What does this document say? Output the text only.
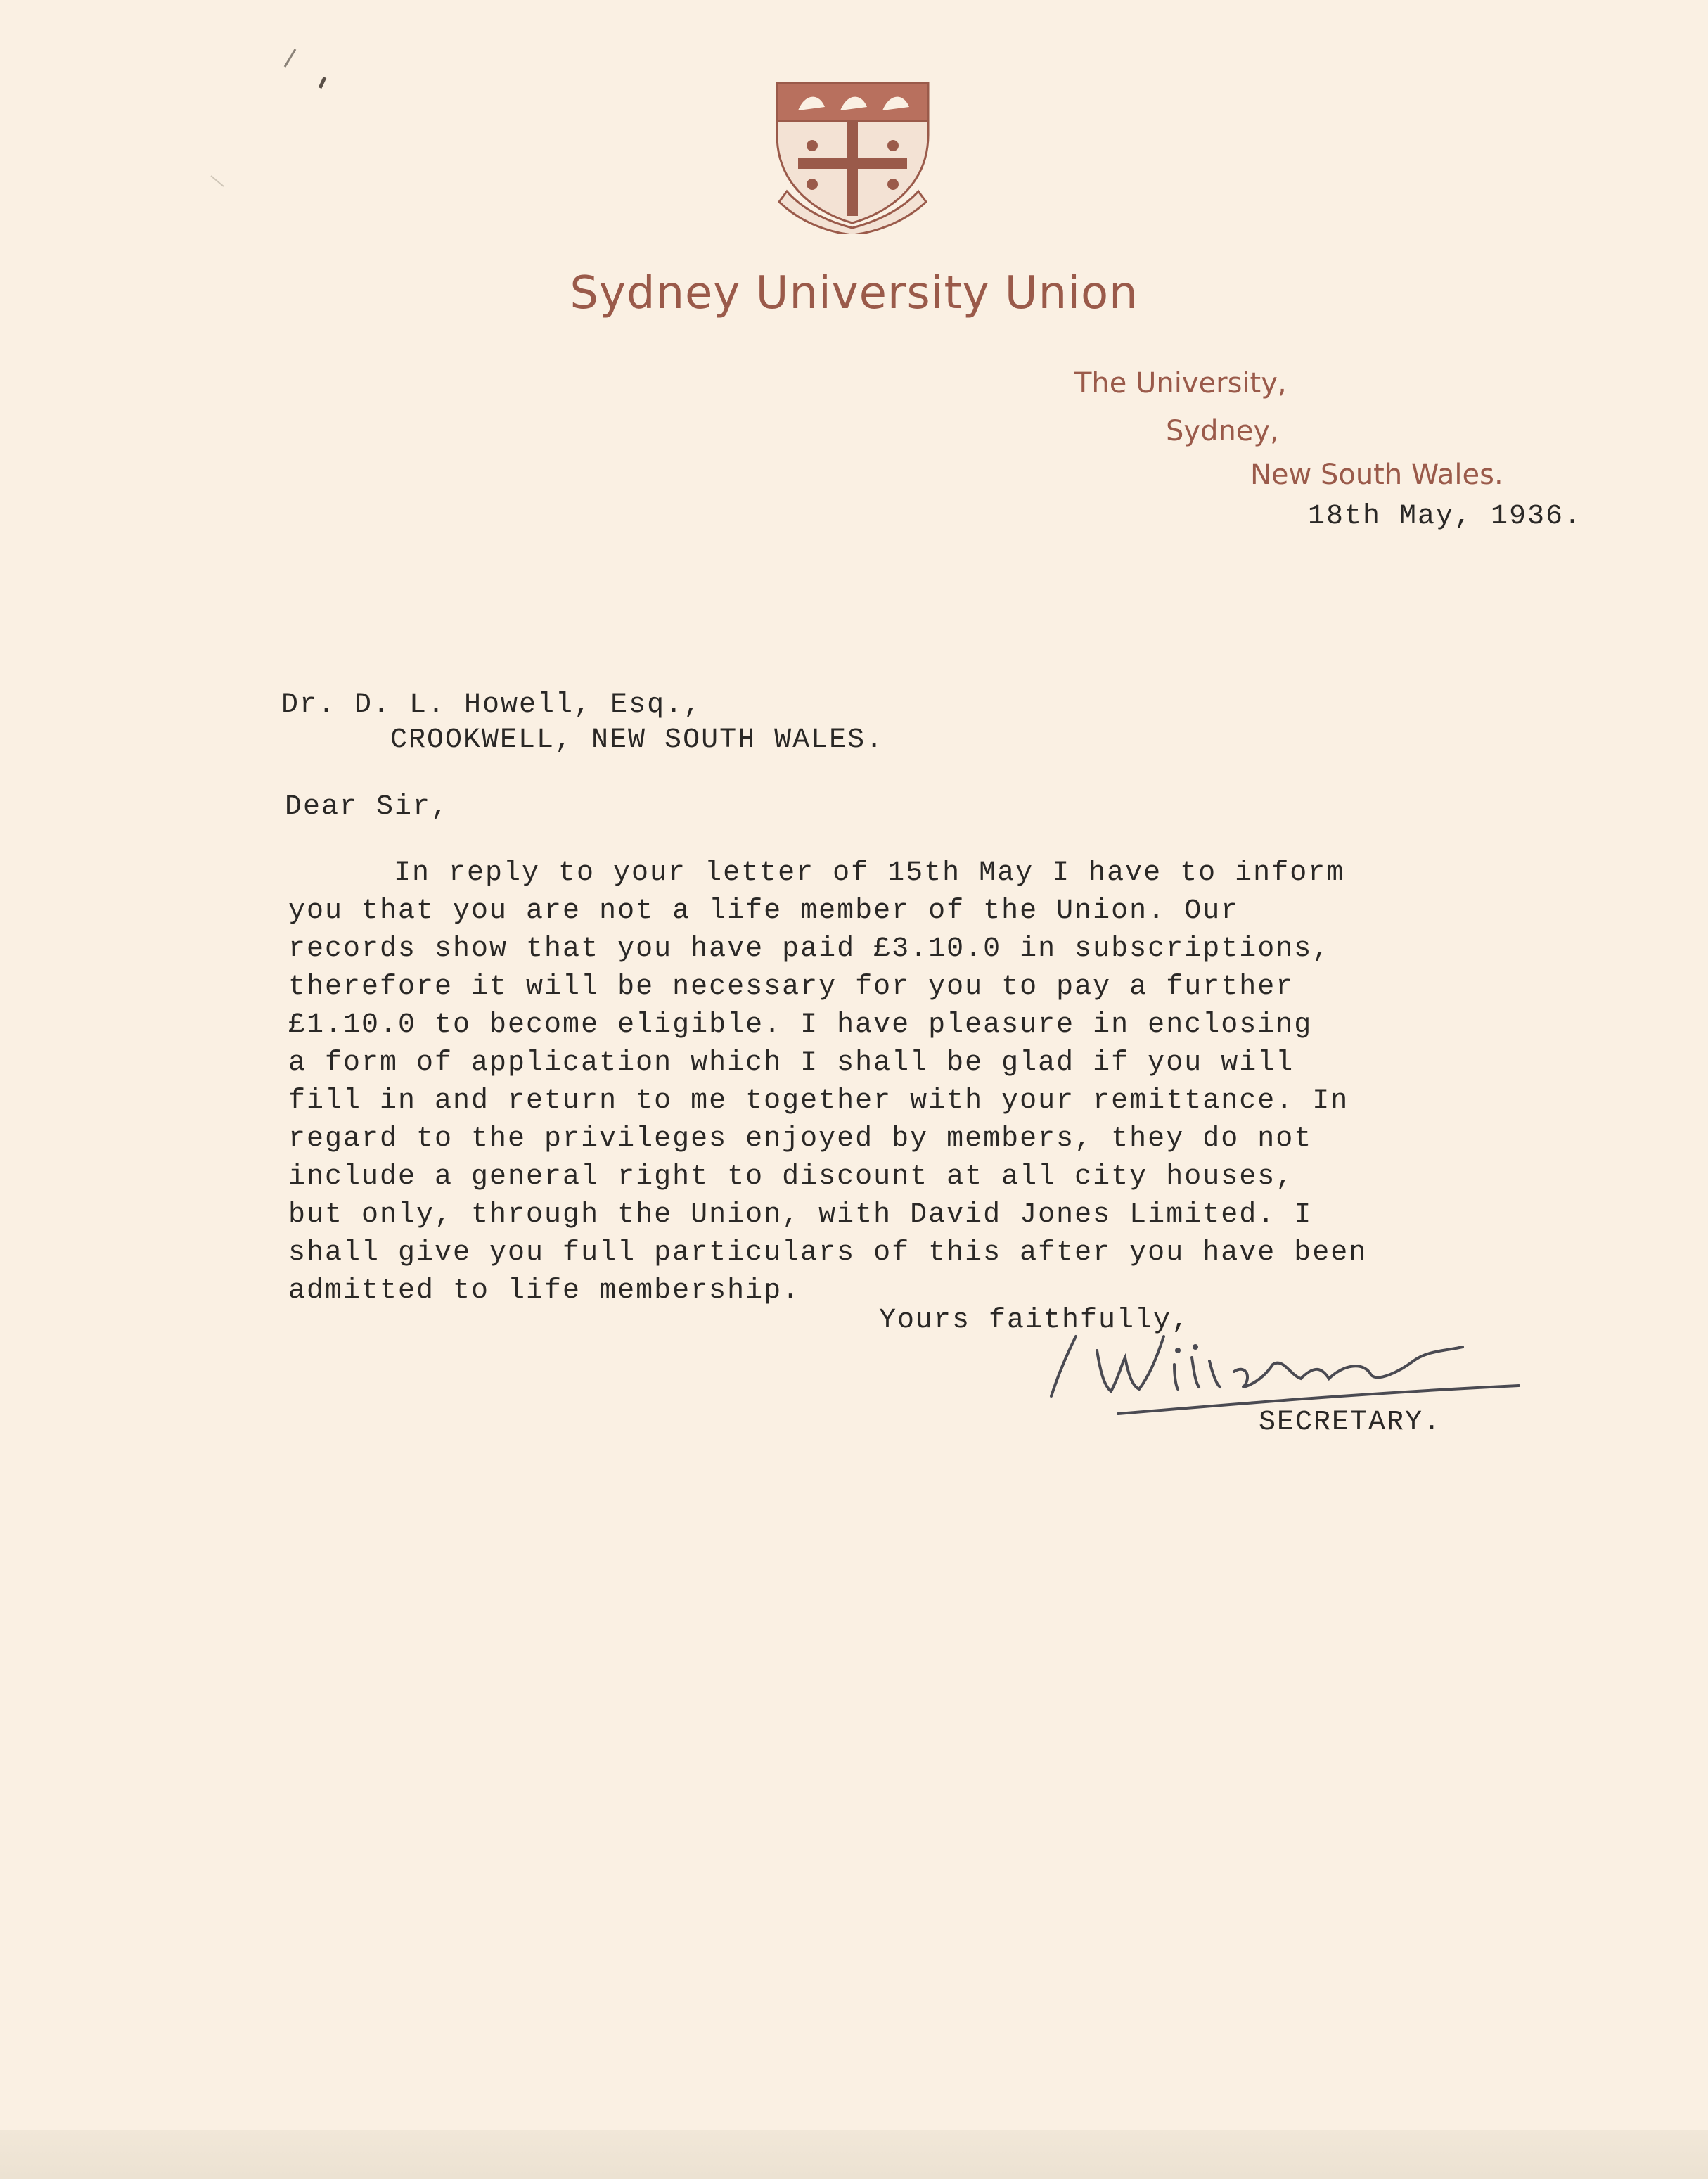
Sydney University Union
The University,
Sydney,
New South Wales.
18th May, 1936.
Dr. D. L. Howell, Esq.,
CROOKWELL, NEW SOUTH WALES.
Dear Sir,
In reply to your letter of 15th May I have to inform
you that you are not a life member of the Union. Our
records show that you have paid £3.10.0 in subscriptions,
therefore it will be necessary for you to pay a further
£1.10.0 to become eligible. I have pleasure in enclosing
a form of application which I shall be glad if you will
fill in and return to me together with your remittance. In
regard to the privileges enjoyed by members, they do not
include a general right to discount at all city houses,
but only, through the Union, with David Jones Limited. I
shall give you full particulars of this after you have been
admitted to life membership.
Yours faithfully,
SECRETARY.
